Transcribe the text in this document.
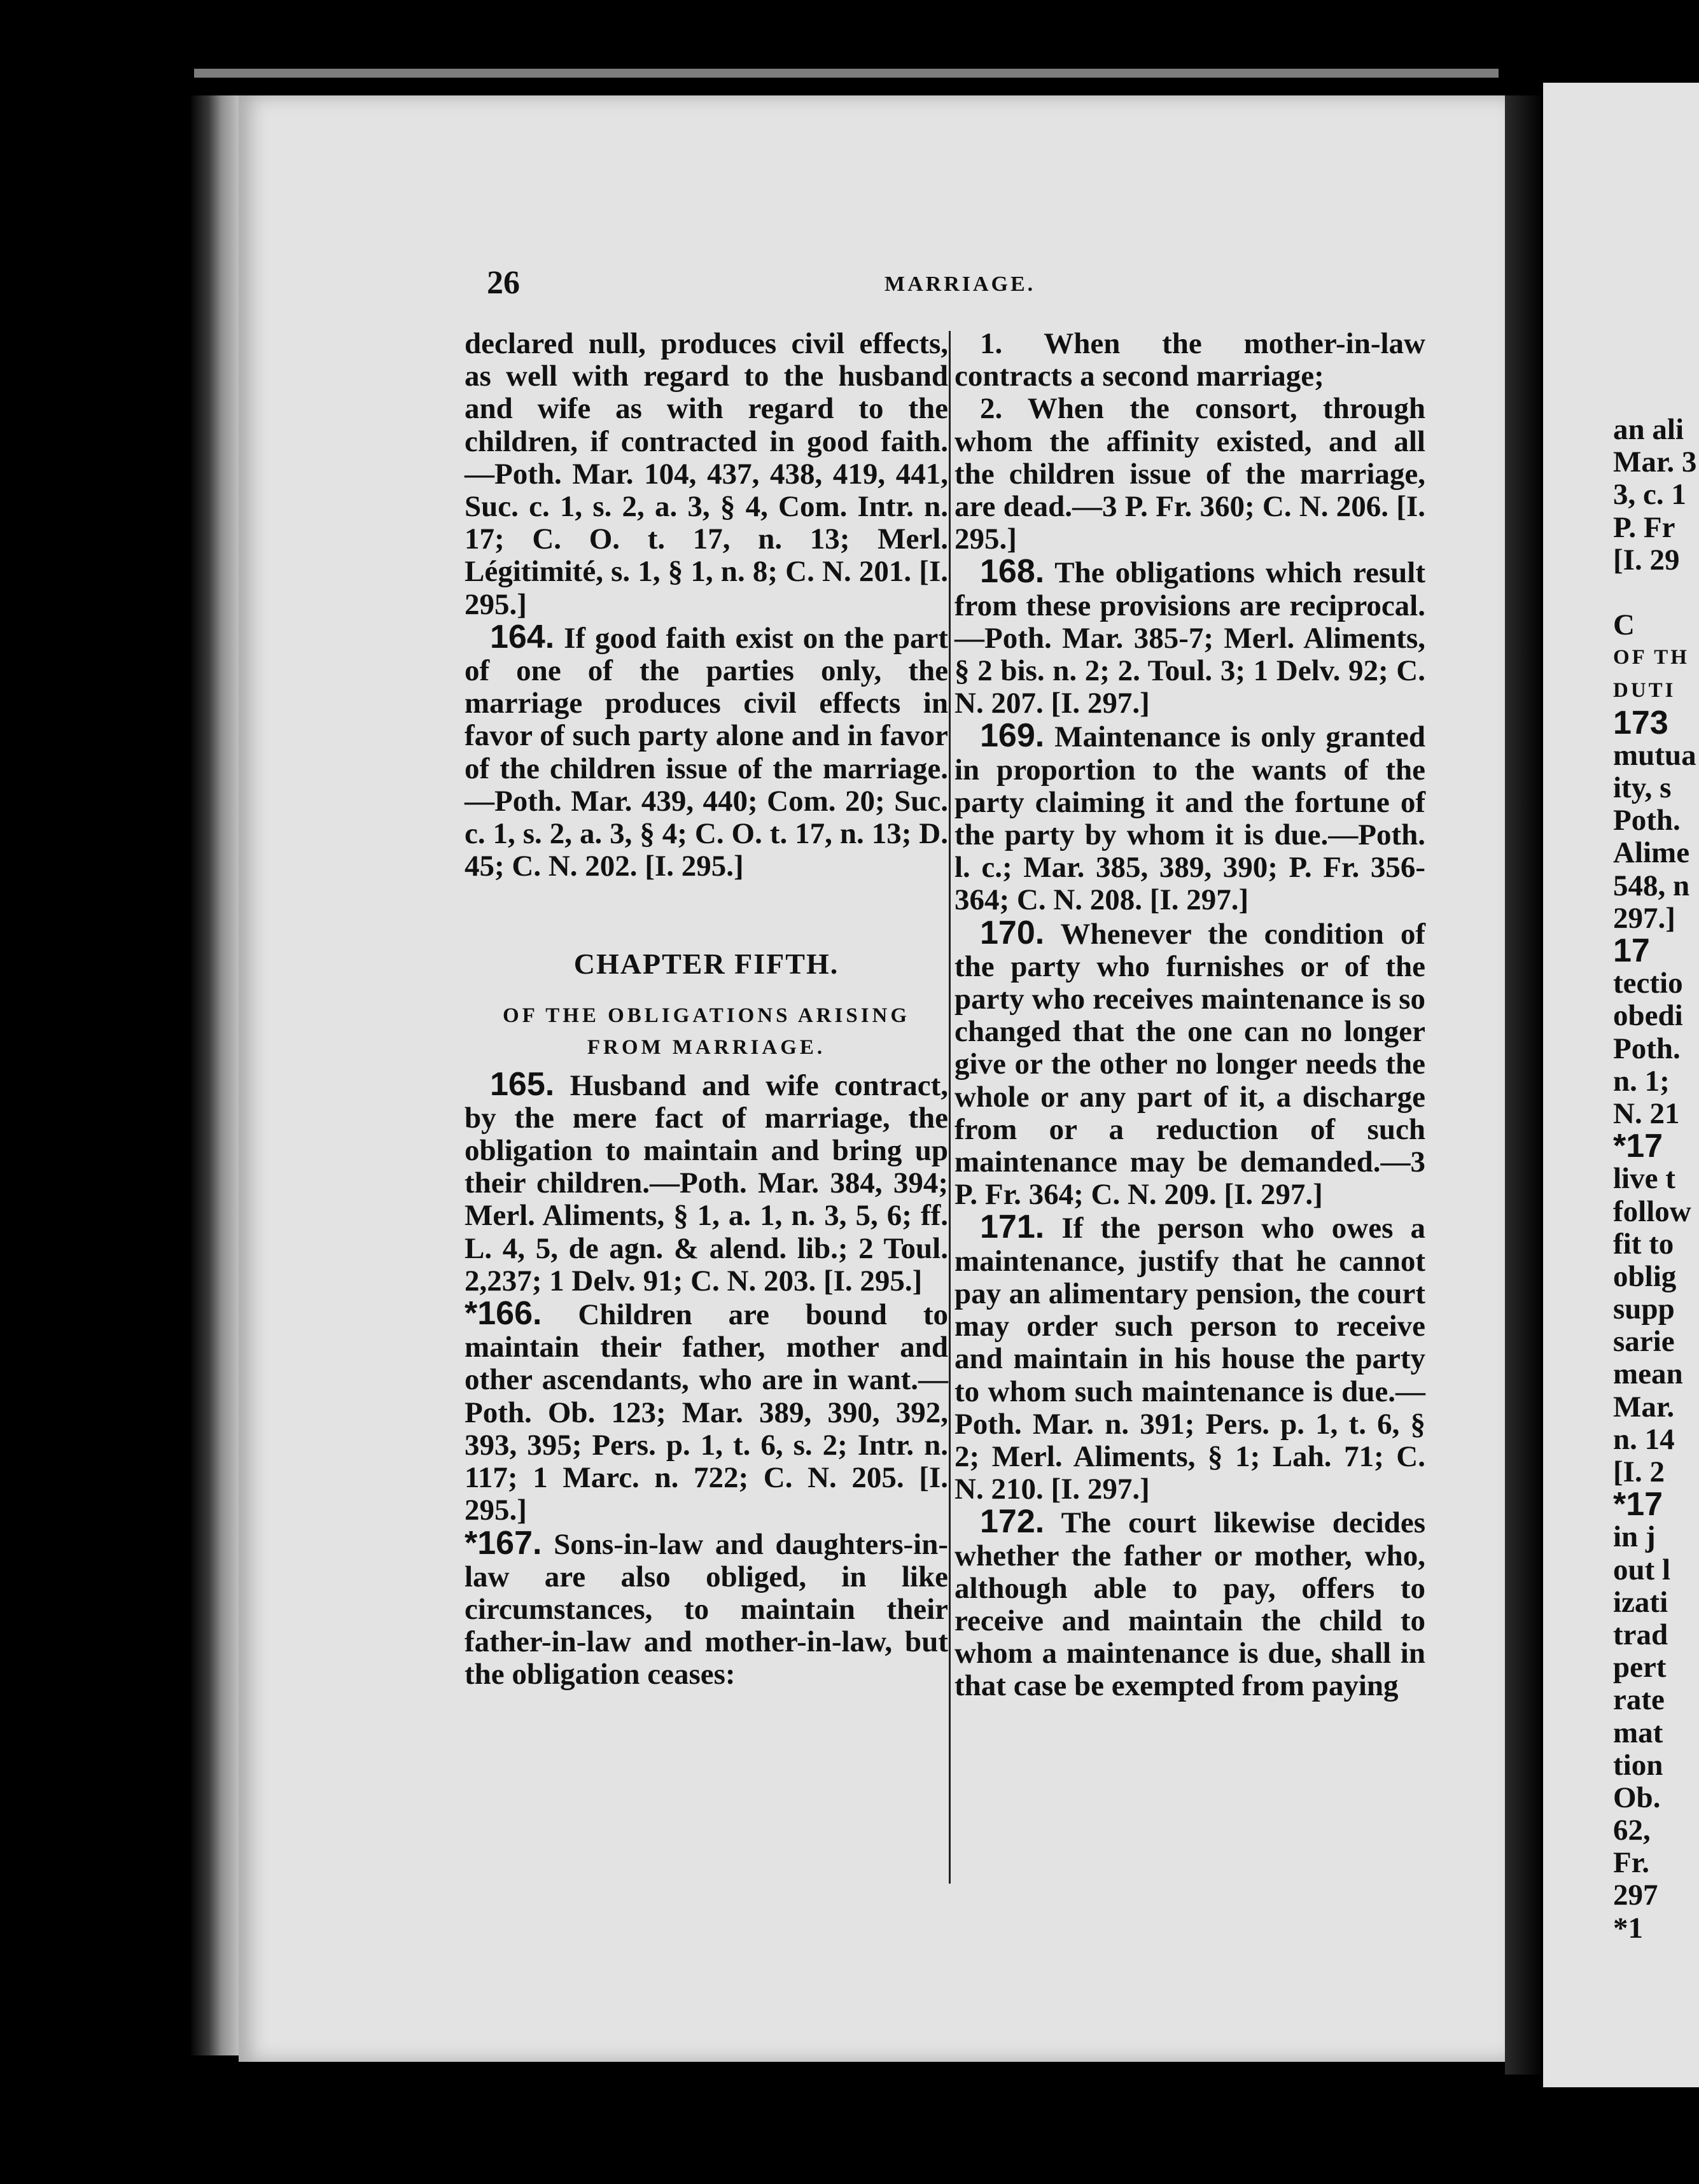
26	MARRIAGE.

declared null, produces civil effects, as well with regard to the husband and wife as with regard to the children, if contracted in good faith.—Poth. Mar. 104, 437, 438, 419, 441, Suc. c. 1, s. 2, a. 3, § 4, Com. Intr. n. 17; C. O. t. 17, n. 13; Merl. Légitimité, s. 1, § 1, n. 8; C. N. 201. [I. 295.]

164. If good faith exist on the part of one of the parties only, the marriage produces civil effects in favor of such party alone and in favor of the children issue of the marriage.—Poth. Mar. 439, 440; Com. 20; Suc. c. 1, s. 2, a. 3, § 4; C. O. t. 17, n. 13; D. 45; C. N. 202. [I. 295.]

CHAPTER FIFTH.
OF THE OBLIGATIONS ARISING FROM MARRIAGE.

165. Husband and wife contract, by the mere fact of marriage, the obligation to maintain and bring up their children.—Poth. Mar. 384, 394; Merl. Aliments, § 1, a. 1, n. 3, 5, 6; ff. L. 4, 5, de agn. & alend. lib.; 2 Toul. 2,237; 1 Delv. 91; C. N. 203. [I. 295.]

*166. Children are bound to maintain their father, mother and other ascendants, who are in want.—Poth. Ob. 123; Mar. 389, 390, 392, 393, 395; Pers. p. 1, t. 6, s. 2; Intr. n. 117; 1 Marc. n. 722; C. N. 205. [I. 295.]

*167. Sons-in-law and daughters-in-law are also obliged, in like circumstances, to maintain their father-in-law and mother-in-law, but the obligation ceases:

1. When the mother-in-law contracts a second marriage;

2. When the consort, through whom the affinity existed, and all the children issue of the marriage, are dead.—3 P. Fr. 360; C. N. 206. [I. 295.]

168. The obligations which result from these provisions are reciprocal.—Poth. Mar. 385-7; Merl. Aliments, § 2 bis. n. 2; 2. Toul. 3; 1 Delv. 92; C. N. 207. [I. 297.]

169. Maintenance is only granted in proportion to the wants of the party claiming it and the fortune of the party by whom it is due.—Poth. l. c.; Mar. 385, 389, 390; P. Fr. 356-364; C. N. 208. [I. 297.]

170. Whenever the condition of the party who furnishes or of the party who receives maintenance is so changed that the one can no longer give or the other no longer needs the whole or any part of it, a discharge from or a reduction of such maintenance may be demanded.—3 P. Fr. 364; C. N. 209. [I. 297.]

171. If the person who owes a maintenance, justify that he cannot pay an alimentary pension, the court may order such person to receive and maintain in his house the party to whom such maintenance is due.—Poth. Mar. n. 391; Pers. p. 1, t. 6, § 2; Merl. Aliments, § 1; Lah. 71; C. N. 210. [I. 297.]

172. The court likewise decides whether the father or mother, who, although able to pay, offers to receive and maintain the child to whom a maintenance is due, shall in that case be exempted from paying

an ali
Mar. 3
3, c. 1
P. Fr
[I. 29
C
OF TH
DUTI
173
mutua
ity, s
Poth.
Alime
548, n
297.]
17
tectio
obedi
Poth.
n. 1;
N. 21
*17
live t
follow
fit to
oblig
supp
sarie
mean
Mar.
n. 14
[I. 2
*17
in j
out l
izati
trad
pert
rate
mat
tion
Ob.
62,
Fr.
297
*1
